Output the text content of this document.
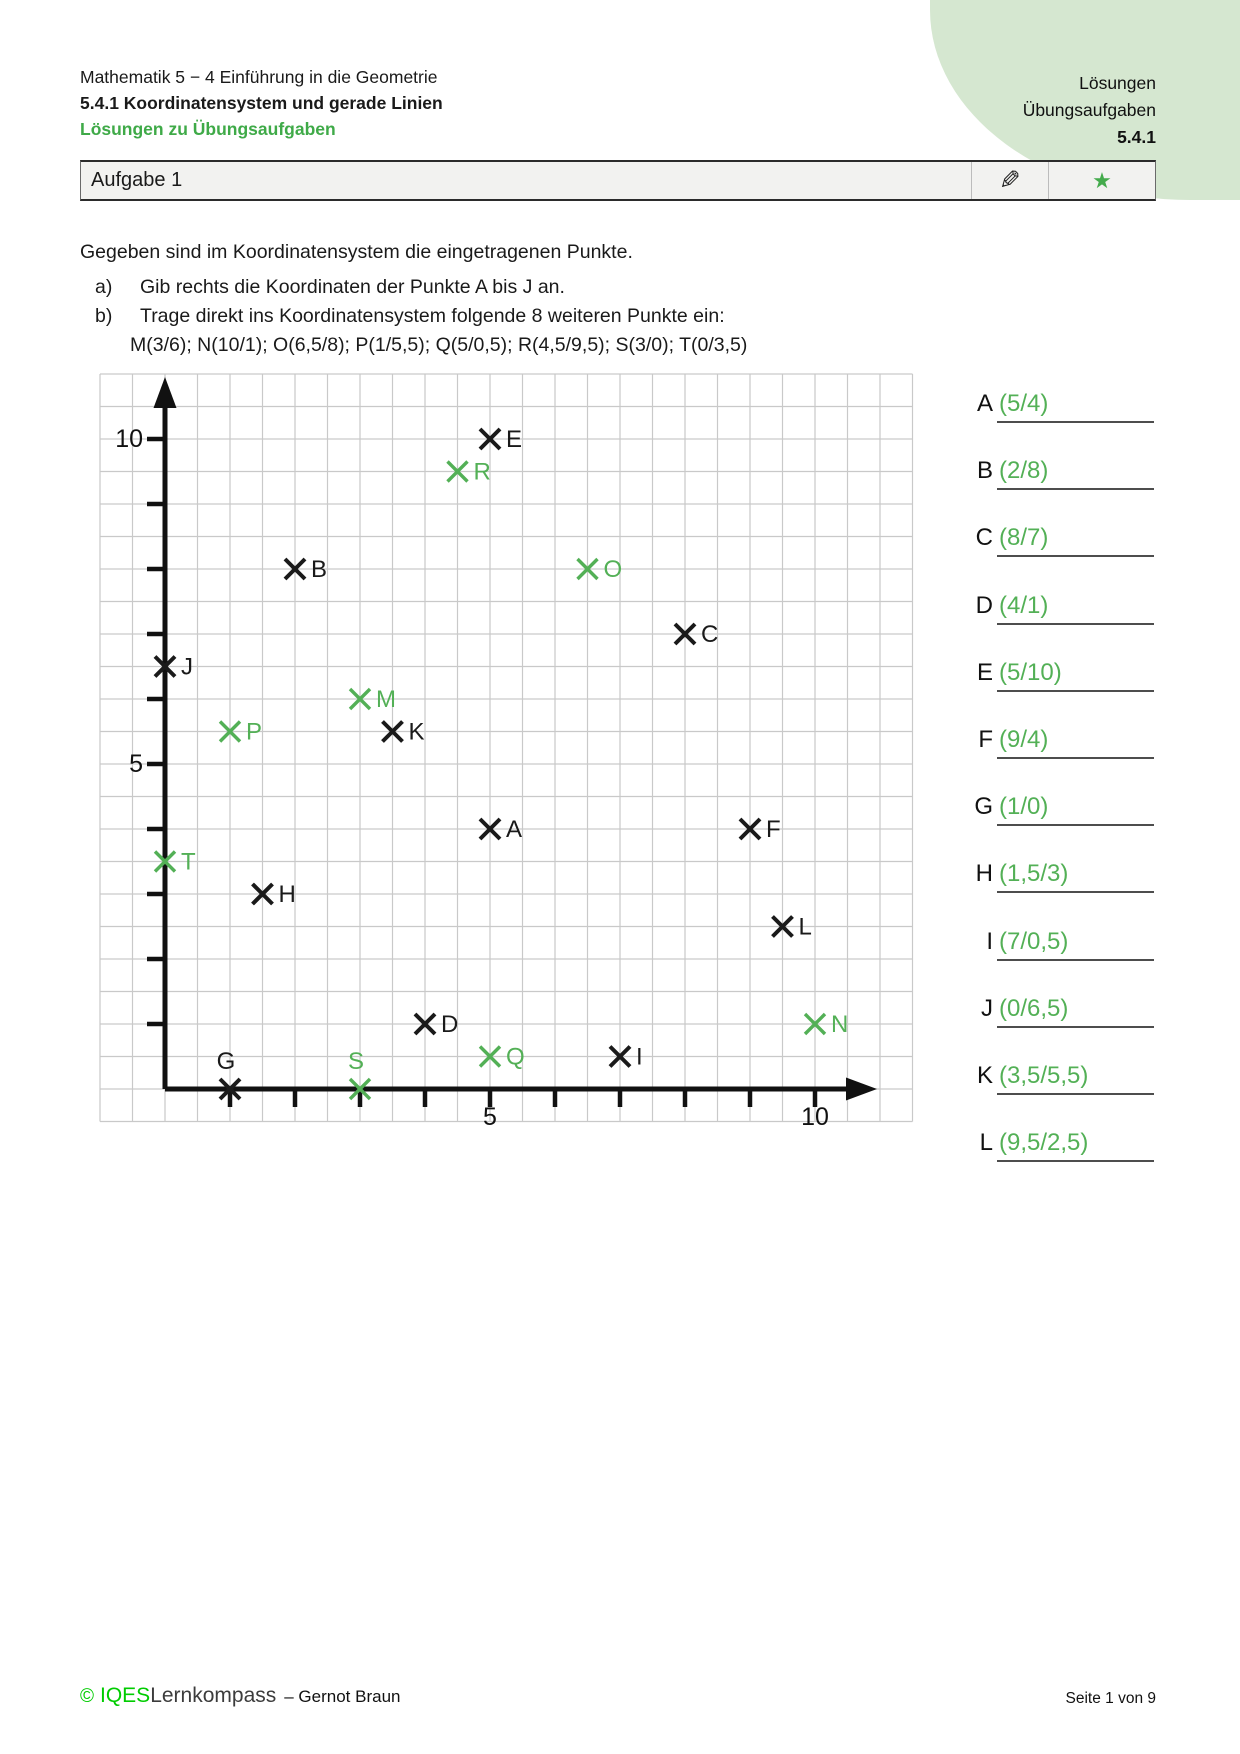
Mathematik 5 − 4 Einführung in die Geometrie
5.4.1 Koordinatensystem und gerade Linien
Lösungen zu Übungsaufgaben
Lösungen
Übungsaufgaben
5.4.1
Aufgabe 1	✎	★
Gegeben sind im Koordinatensystem die eingetragenen Punkte.
a) Gib rechts die Koordinaten der Punkte A bis J an.
b) Trage direkt ins Koordinatensystem folgende 8 weiteren Punkte ein:
M(3/6); N(10/1); O(6,5/8); P(1/5,5); Q(5/0,5); R(4,5/9,5); S(3/0); T(0/3,5)
5	10
5
10
A
B
C
D
E
F
G
H
I
J
K
L
M
N
O
P
Q
R
S
T
A (5/4)
B (2/8)
C (8/7)
D (4/1)
E (5/10)
F (9/4)
G (1/0)
H (1,5/3)
I (7/0,5)
J (0/6,5)
K (3,5/5,5)
L (9,5/2,5)
© IQESLernkompass – Gernot Braun	Seite 1 von 9
